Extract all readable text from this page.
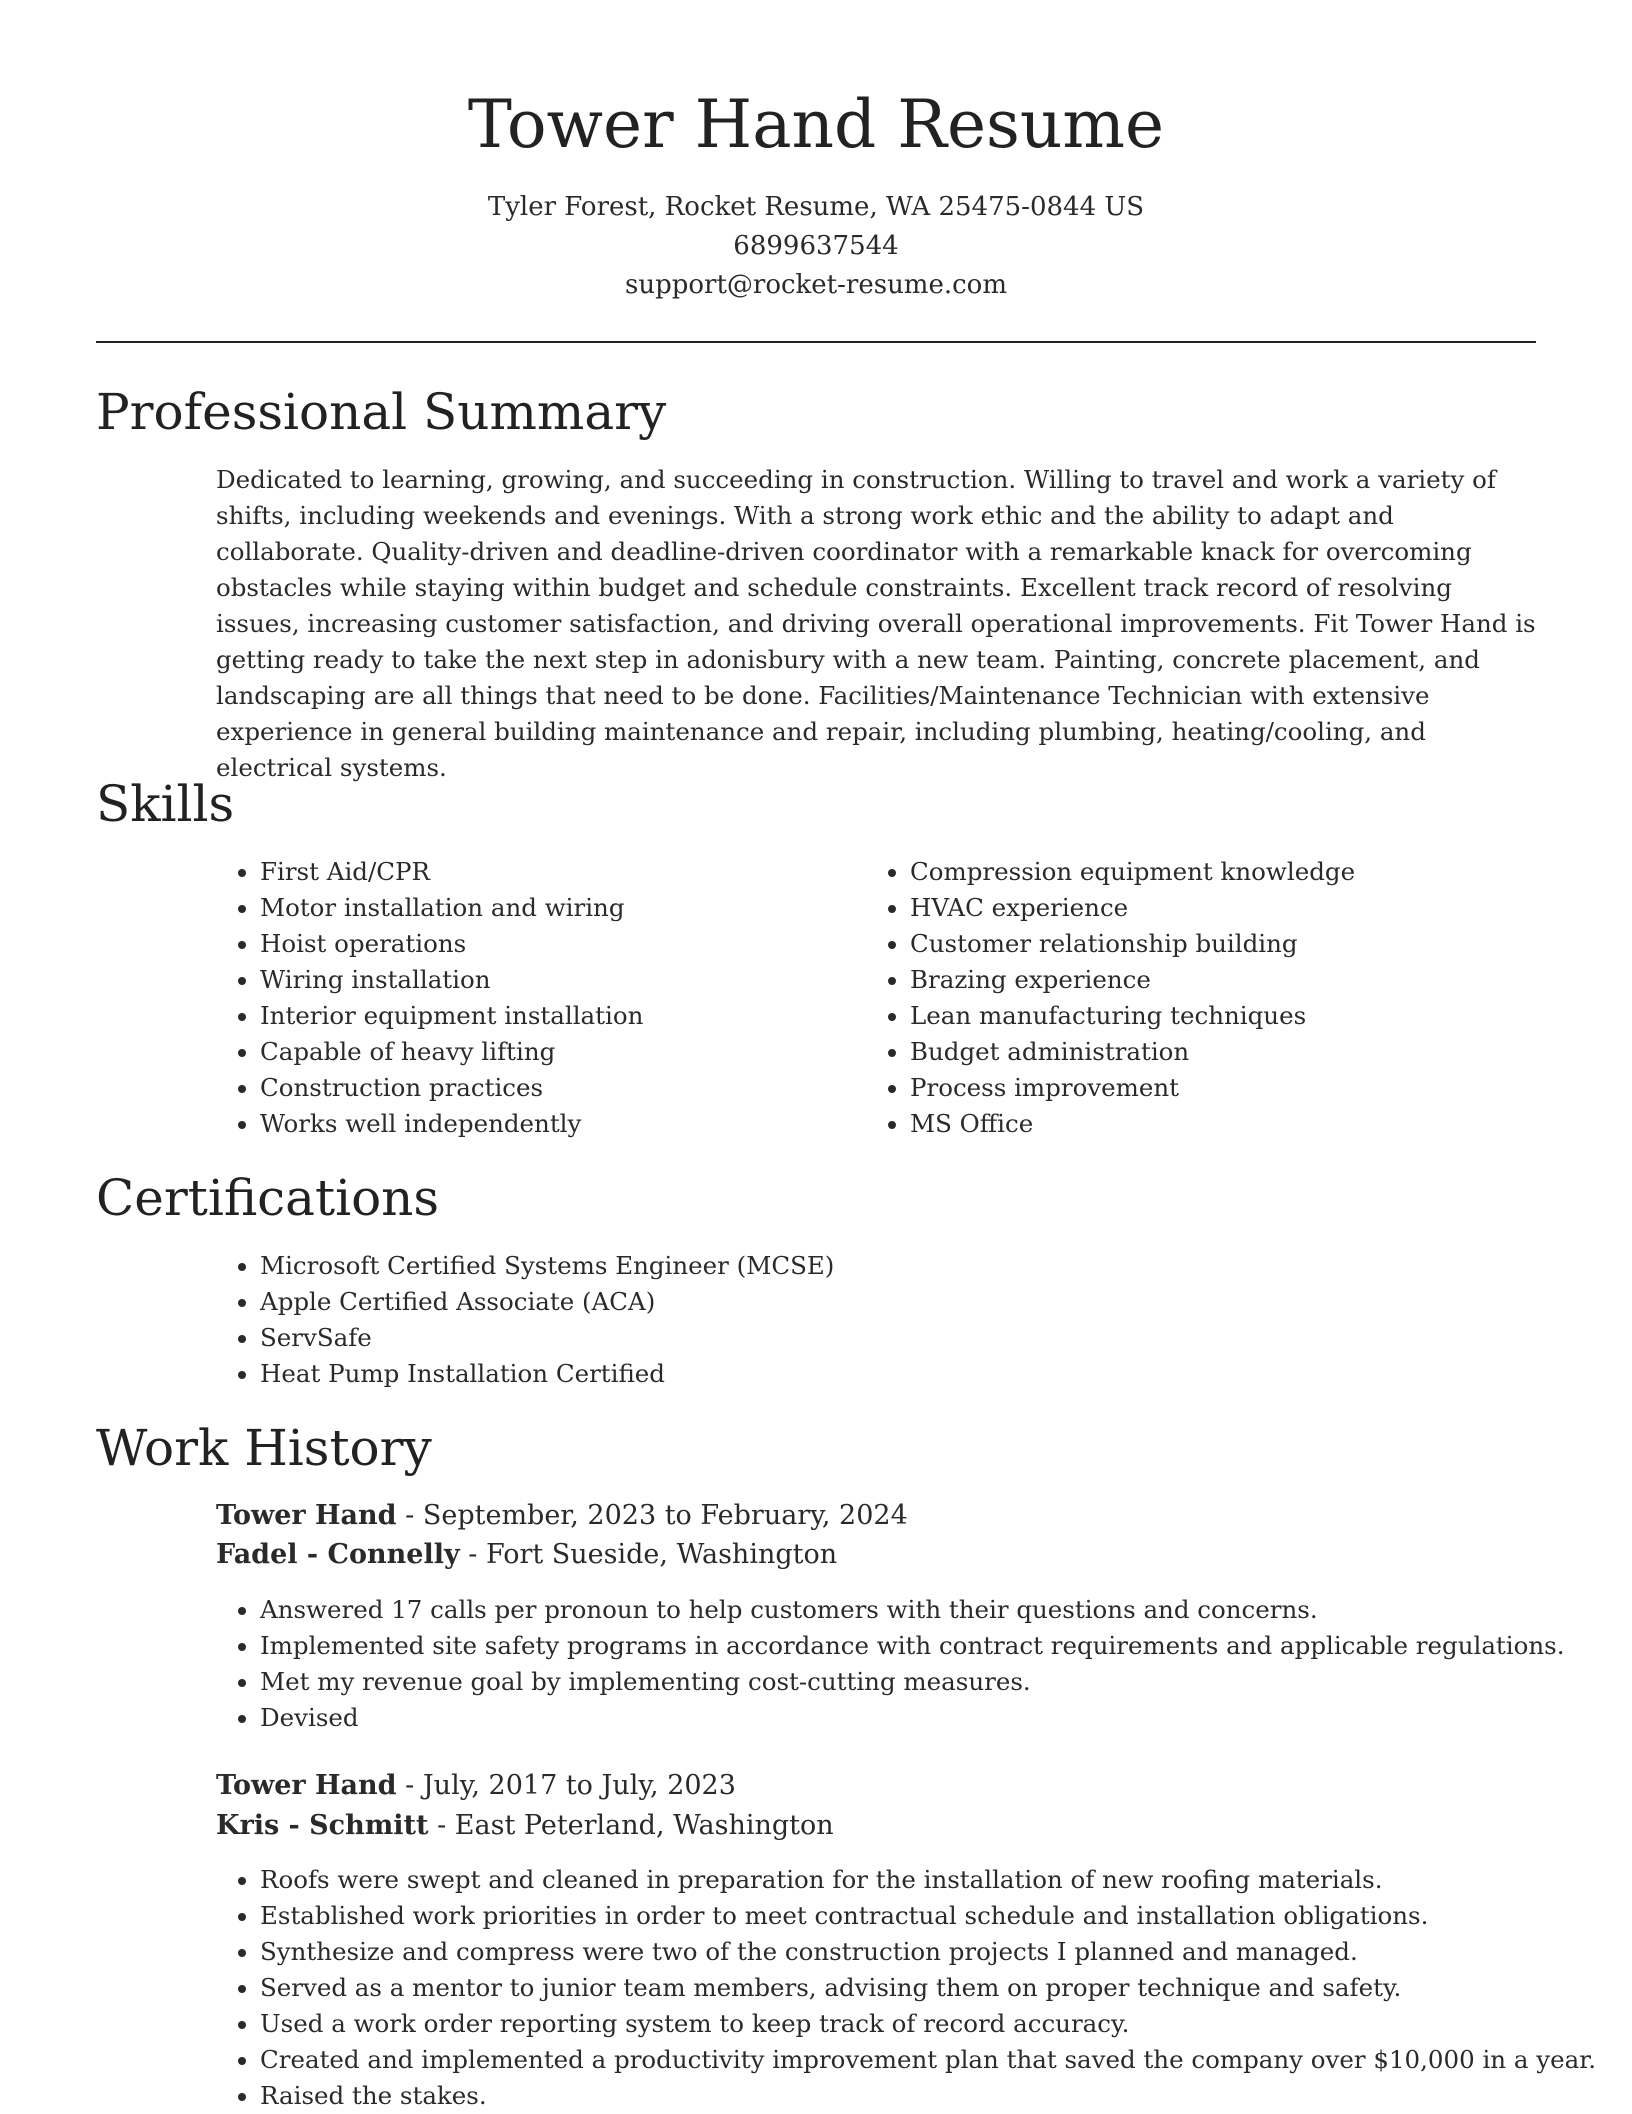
Tower Hand Resume
Tyler Forest, Rocket Resume, WA 25475-0844 US
6899637544
support@rocket-resume.com
Professional Summary

Dedicated to learning, growing, and succeeding in construction. Willing to travel and work a variety of shifts, including weekends and evenings. With a strong work ethic and the ability to adapt and collaborate. Quality-driven and deadline-driven coordinator with a remarkable knack for overcoming obstacles while staying within budget and schedule constraints. Excellent track record of resolving issues, increasing customer satisfaction, and driving overall operational improvements. Fit Tower Hand is getting ready to take the next step in adonisbury with a new team. Painting, concrete placement, and landscaping are all things that need to be done. Facilities/Maintenance Technician with extensive experience in general building maintenance and repair, including plumbing, heating/cooling, and electrical systems.

Skills
• First Aid/CPR
• Motor installation and wiring
• Hoist operations
• Wiring installation
• Interior equipment installation
• Capable of heavy lifting
• Construction practices
• Works well independently
• Compression equipment knowledge
• HVAC experience
• Customer relationship building
• Brazing experience
• Lean manufacturing techniques
• Budget administration
• Process improvement
• MS Office
Certifications
• Microsoft Certified Systems Engineer (MCSE)
• Apple Certified Associate (ACA)
• ServSafe
• Heat Pump Installation Certified
Work History
Tower Hand - September, 2023 to February, 2024
Fadel - Connelly - Fort Sueside, Washington
• Answered 17 calls per pronoun to help customers with their questions and concerns.
• Implemented site safety programs in accordance with contract requirements and applicable regulations.
• Met my revenue goal by implementing cost-cutting measures.
• Devised
Tower Hand - July, 2017 to July, 2023
Kris - Schmitt - East Peterland, Washington
• Roofs were swept and cleaned in preparation for the installation of new roofing materials.
• Established work priorities in order to meet contractual schedule and installation obligations.
• Synthesize and compress were two of the construction projects I planned and managed.
• Served as a mentor to junior team members, advising them on proper technique and safety.
• Used a work order reporting system to keep track of record accuracy.
• Created and implemented a productivity improvement plan that saved the company over $10,000 in a year.
• Raised the stakes.
